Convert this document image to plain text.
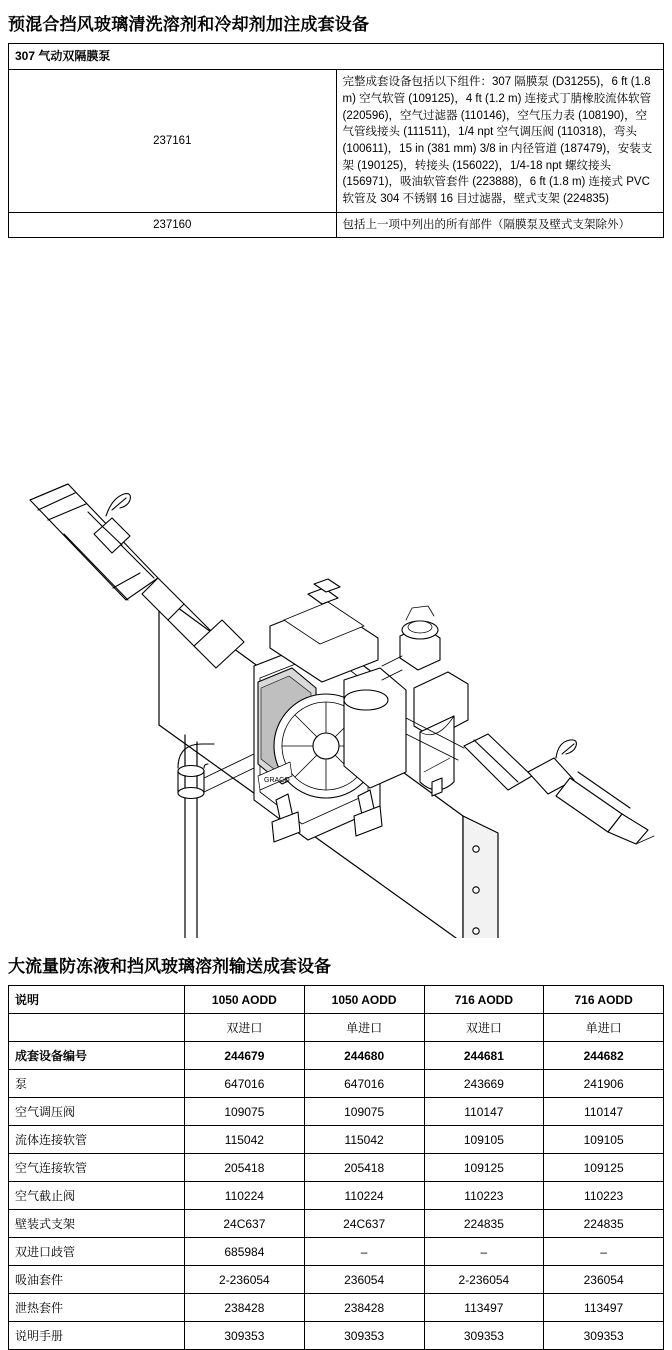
预混合挡风玻璃清洗溶剂和冷却剂加注成套设备
307 气动双隔膜泵	
237161	完整成套设备包括以下组件：307 隔膜泵 (D31255)，6 ft (1.8 m) 空气软管 (109125)，4 ft (1.2 m) 连接式丁腈橡胶流体软管 (220596)，空气过滤器 (110146)，空气压力表 (108190)，空气管线接头 (111511)，1/4 npt 空气调压阀 (110318)，弯头 (100611)，15 in (381 mm) 3/8 in 内径管道 (187479)，安装支架 (190125)，转接头 (156022)，1/4-18 npt 螺纹接头 (156971)，吸油软管套件 (223888)，6 ft (1.8 m) 连接式 PVC 软管及 304 不锈钢 16 目过滤器，壁式支架 (224835)
237160	包括上一项中列出的所有部件（隔膜泵及壁式支架除外）
GRACO
大流量防冻液和挡风玻璃溶剂输送成套设备
说明	1050 AODD	1050 AODD	716 AODD	716 AODD
	双进口	单进口	双进口	单进口
成套设备编号	244679	244680	244681	244682
泵	647016	647016	243669	241906
空气调压阀	109075	109075	110147	110147
流体连接软管	115042	115042	109105	109105
空气连接软管	205418	205418	109125	109125
空气截止阀	110224	110224	110223	110223
壁装式支架	24C637	24C637	224835	224835
双进口歧管	685984	–	–	–
吸油套件	2-236054	236054	2-236054	236054
泄热套件	238428	238428	113497	113497
说明手册	309353	309353	309353	309353
